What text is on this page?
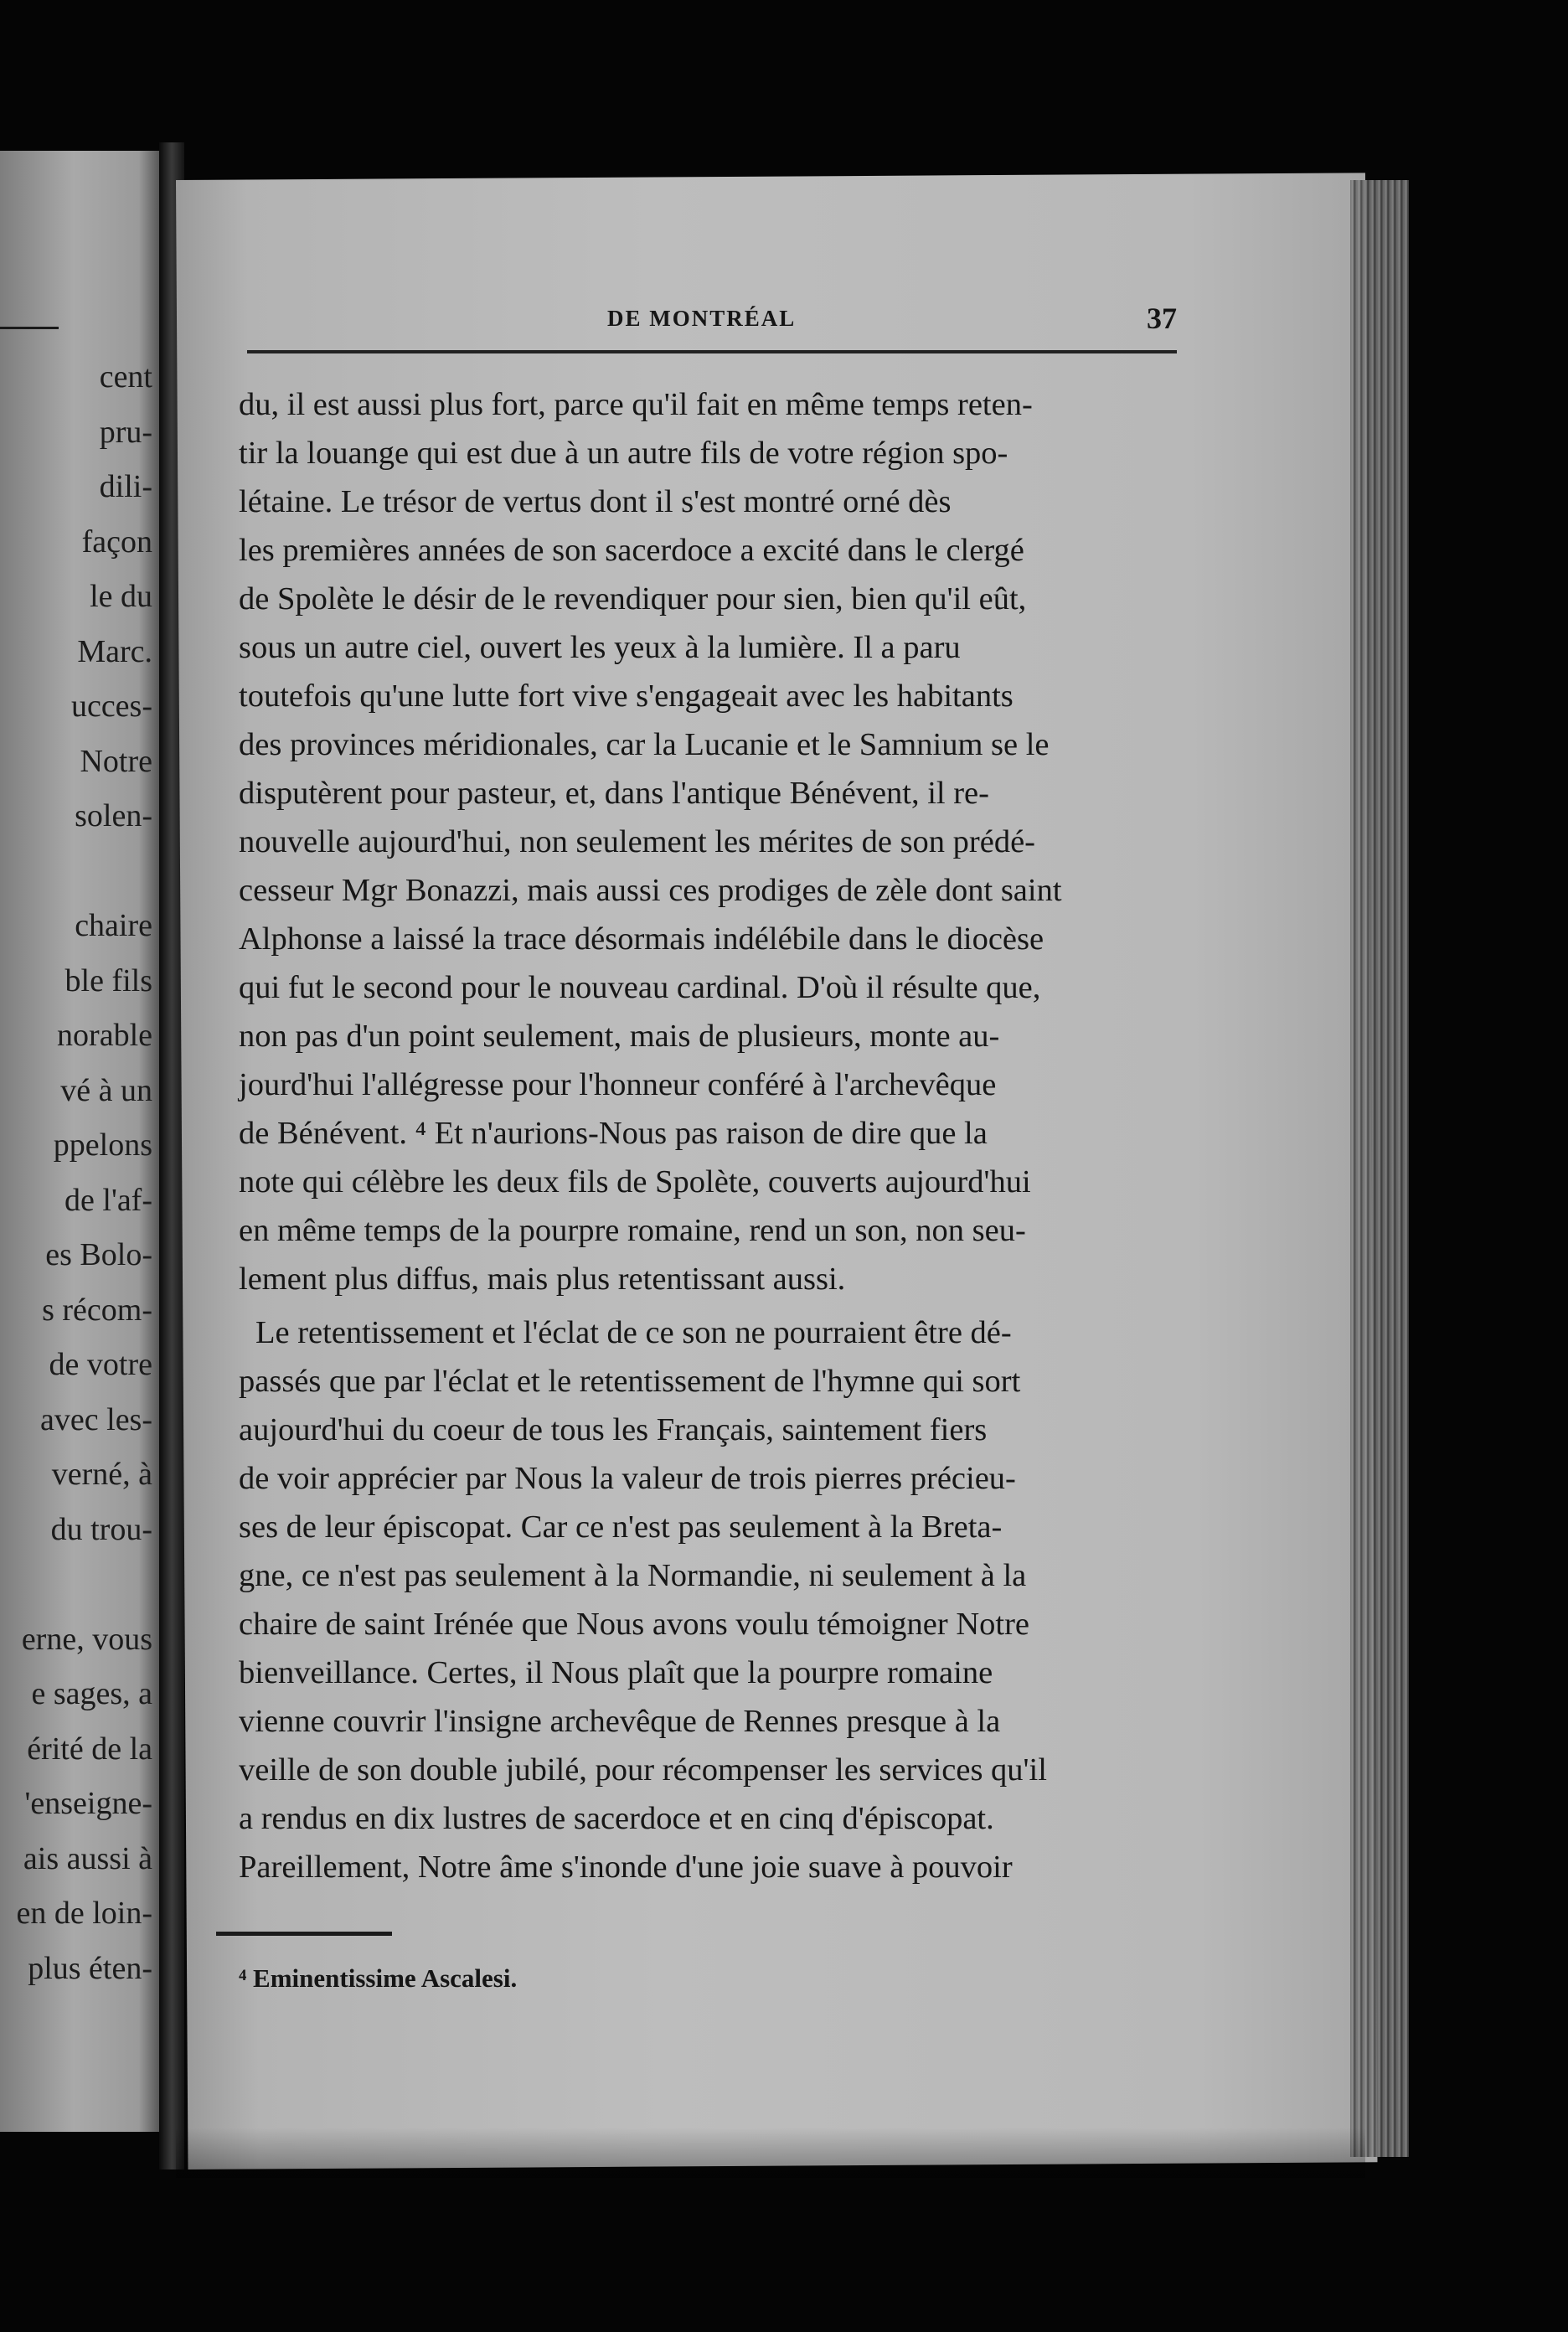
cent
pru-
dili-
façon
le du
Marc.
ucces-
Notre
solen-
chaire
ble fils
norable
vé à un
ppelons
de l'af-
es Bolo-
s récom-
de votre
avec les-
verné, à
du trou-
erne, vous
e sages, a
érité de la
'enseigne-
ais aussi à
en de loin-
plus éten-
DE MONTRÉAL	37
du, il est aussi plus fort, parce qu'il fait en même temps reten-
tir la louange qui est due à un autre fils de votre région spo-
létaine. Le trésor de vertus dont il s'est montré orné dès
les premières années de son sacerdoce a excité dans le clergé
de Spolète le désir de le revendiquer pour sien, bien qu'il eût,
sous un autre ciel, ouvert les yeux à la lumière. Il a paru
toutefois qu'une lutte fort vive s'engageait avec les habitants
des provinces méridionales, car la Lucanie et le Samnium se le
disputèrent pour pasteur, et, dans l'antique Bénévent, il re-
nouvelle aujourd'hui, non seulement les mérites de son prédé-
cesseur Mgr Bonazzi, mais aussi ces prodiges de zèle dont saint
Alphonse a laissé la trace désormais indélébile dans le diocèse
qui fut le second pour le nouveau cardinal. D'où il résulte que,
non pas d'un point seulement, mais de plusieurs, monte au-
jourd'hui l'allégresse pour l'honneur conféré à l'archevêque
de Bénévent. ⁴ Et n'aurions-Nous pas raison de dire que la
note qui célèbre les deux fils de Spolète, couverts aujourd'hui
en même temps de la pourpre romaine, rend un son, non seu-
lement plus diffus, mais plus retentissant aussi.
Le retentissement et l'éclat de ce son ne pourraient être dé-
passés que par l'éclat et le retentissement de l'hymne qui sort
aujourd'hui du coeur de tous les Français, saintement fiers
de voir apprécier par Nous la valeur de trois pierres précieu-
ses de leur épiscopat. Car ce n'est pas seulement à la Breta-
gne, ce n'est pas seulement à la Normandie, ni seulement à la
chaire de saint Irénée que Nous avons voulu témoigner Notre
bienveillance. Certes, il Nous plaît que la pourpre romaine
vienne couvrir l'insigne archevêque de Rennes presque à la
veille de son double jubilé, pour récompenser les services qu'il
a rendus en dix lustres de sacerdoce et en cinq d'épiscopat.
Pareillement, Notre âme s'inonde d'une joie suave à pouvoir
⁴ Eminentissime Ascalesi.
